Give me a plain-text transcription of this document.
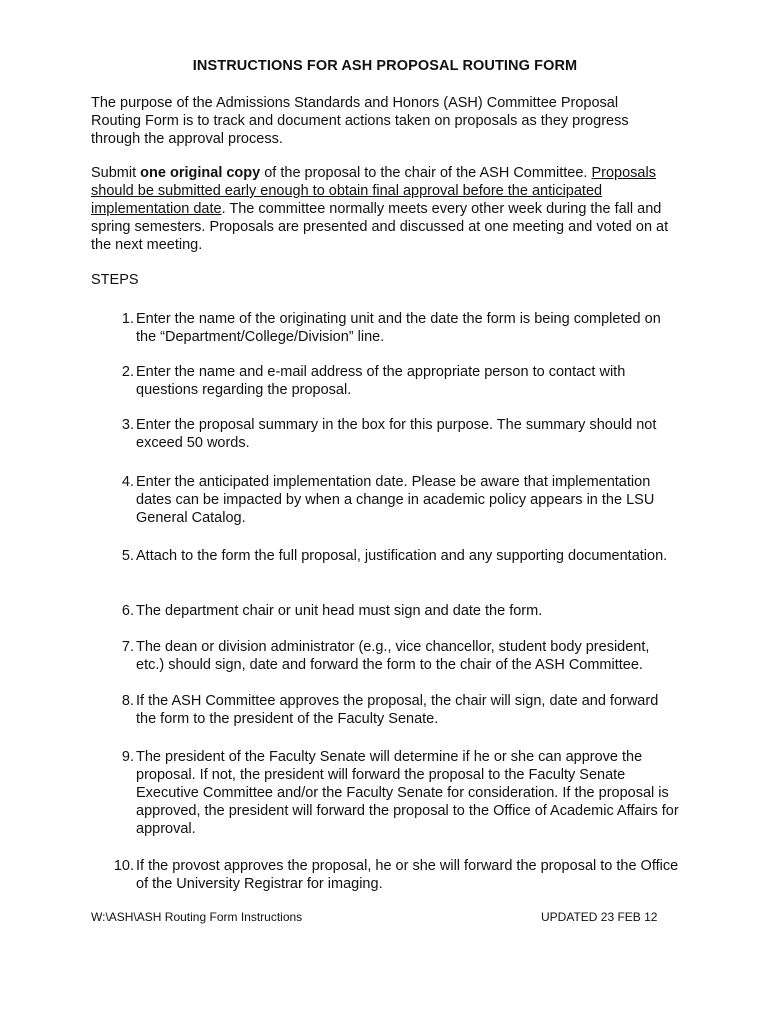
INSTRUCTIONS FOR ASH PROPOSAL ROUTING FORM

The purpose of the Admissions Standards and Honors (ASH) Committee Proposal Routing Form is to track and document actions taken on proposals as they progress through the approval process.

Submit one original copy of the proposal to the chair of the ASH Committee. Proposals should be submitted early enough to obtain final approval before the anticipated implementation date. The committee normally meets every other week during the fall and spring semesters. Proposals are presented and discussed at one meeting and voted on at the next meeting.

STEPS
1. Enter the name of the originating unit and the date the form is being completed on the “Department/College/Division” line.
2. Enter the name and e-mail address of the appropriate person to contact with questions regarding the proposal.
3. Enter the proposal summary in the box for this purpose. The summary should not exceed 50 words.
4. Enter the anticipated implementation date. Please be aware that implementation dates can be impacted by when a change in academic policy appears in the LSU General Catalog.
5. Attach to the form the full proposal, justification and any supporting documentation.
6. The department chair or unit head must sign and date the form.
7. The dean or division administrator (e.g., vice chancellor, student body president, etc.) should sign, date and forward the form to the chair of the ASH Committee.
8. If the ASH Committee approves the proposal, the chair will sign, date and forward the form to the president of the Faculty Senate.
9. The president of the Faculty Senate will determine if he or she can approve the proposal. If not, the president will forward the proposal to the Faculty Senate Executive Committee and/or the Faculty Senate for consideration. If the proposal is approved, the president will forward the proposal to the Office of Academic Affairs for approval.
10. If the provost approves the proposal, he or she will forward the proposal to the Office of the University Registrar for imaging.
W:\ASH\ASH Routing Form Instructions	UPDATED 23 FEB 12
